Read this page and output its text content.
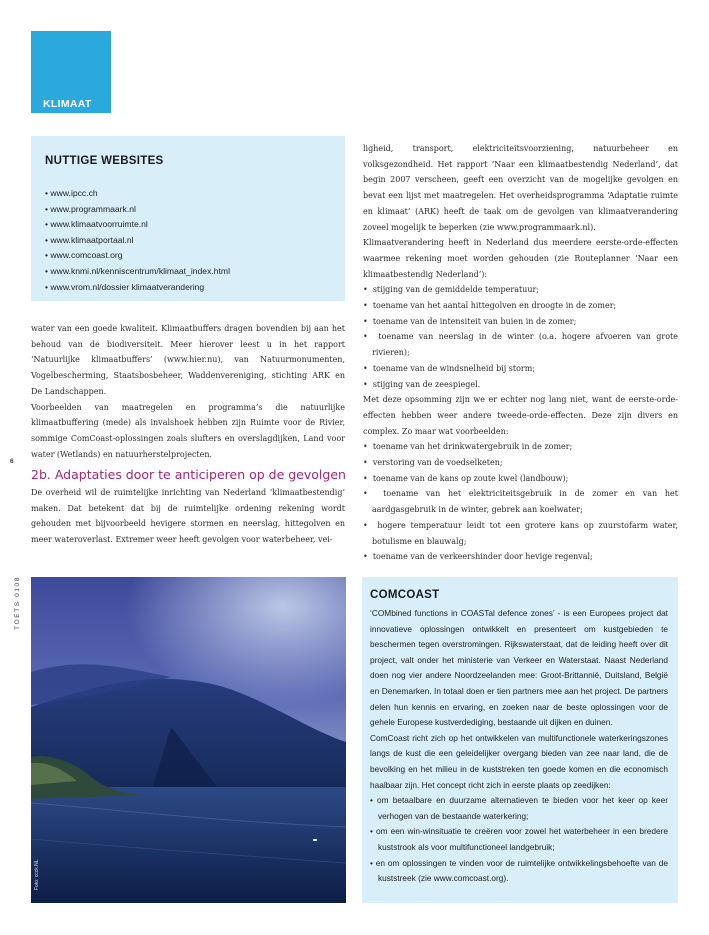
KLIMAAT
NUTTIGE WEBSITES
• www.ipcc.ch
• www.programmaark.nl
• www.klimaatvoorruimte.nl
• www.klimaatportaal.nl
• www.comcoast.org
• www.knmi.nl/kenniscentrum/klimaat_index.html
• www.vrom.nl/dossier klimaatverandering

water van een goede kwaliteit. Klimaatbuffers dragen bovendien bij aan het behoud van de biodiversiteit. Meer hierover leest u in het rapport ‘Natuurlijke klimaatbuffers’ (www.hier.nu), van Natuurmonumenten, Vogelbescherming, Staatsbosbeheer, Waddenvereniging, stichting ARK en De Landschappen.

Voorbeelden van maatregelen en programma’s die natuurlijke klimaatbuffering (mede) als invalshoek hebben zijn Ruimte voor de Rivier, sommige ComCoast-oplossingen zoals slufters en overslagdijken, Land voor water (Wetlands) en natuurherstelprojecten.

6
2b. Adaptaties door te anticiperen op de gevolgen

De overheid wil de ruimtelijke inrichting van Nederland ‘klimaatbestendig’ maken. Dat betekent dat bij de ruimtelijke ordening rekening wordt gehouden met bijvoorbeeld hevigere stormen en neerslag, hittegolven en meer wateroverlast. Extremer weer heeft gevolgen voor waterbeheer, vei-

ligheid, transport, elektriciteitsvoorziening, natuurbeheer en volksgezondheid. Het rapport ‘Naar een klimaatbestendig Nederland’, dat begin 2007 verscheen, geeft een overzicht van de mogelijke gevolgen en bevat een lijst met maatregelen. Het overheidsprogramma ‘Adaptatie ruimte en klimaat’ (ARK) heeft de taak om de gevolgen van klimaatverandering zoveel mogelijk te beperken (zie www.programmaark.nl).

Klimaatverandering heeft in Nederland dus meerdere eerste-orde-effecten waarmee rekening moet worden gehouden (zie Routeplanner ‘Naar een klimaatbestendig Nederland’):

•  stijging van de gemiddelde temperatuur;
•  toename van het aantal hittegolven en droogte in de zomer;
•  toename van de intensiteit van buien in de zomer;
•  toename van neerslag in de winter (o.a. hogere afvoeren van grote rivieren);
•  toename van de windsnelheid bij storm;
•  stijging van de zeespiegel.

Met deze opsomming zijn we er echter nog lang niet, want de eerste-orde-effecten hebben weer andere tweede-orde-effecten. Deze zijn divers en complex. Zo maar wat voorbeelden:

•  toename van het drinkwatergebruik in de zomer;
•  verstoring van de voedselketen;
•  toename van de kans op zoute kwel (landbouw);
•  toename van het elektriciteitsgebruik in de zomer en van het aardgasgebruik in de winter, gebrek aan koelwater;
•  hogere temperatuur leidt tot een grotere kans op zuurstofarm water, botulisme en blauwalg;
•  toename van de verkeershinder door hevige regenval;
TOETS 0108
Foto: ccck.NL
COMCOAST

‘COMbined functions in COASTal defence zones’ - is een Europees project dat innovatieve oplossingen ontwikkelt en presenteert om kustgebieden te beschermen tegen overstromingen. Rijkswaterstaat, dat de leiding heeft over dit project, valt onder het ministerie van Verkeer en Waterstaat. Naast Nederland doen nog vier andere Noordzeelanden mee: Groot-Brittannië, Duitsland, België en Denemarken. In totaal doen er tien partners mee aan het project. De partners delen hun kennis en ervaring, en zoeken naar de beste oplossingen voor de gehele Europese kustverdediging, bestaande uit dijken en duinen.

ComCoast richt zich op het ontwikkelen van multifunctionele waterkeringszones langs de kust die een geleidelijker overgang bieden van zee naar land, die de bevolking en het milieu in de kuststreken ten goede komen en die economisch haalbaar zijn. Het concept richt zich in eerste plaats op zeedijken:

• om betaalbare en duurzame alternatieven te bieden voor het keer op keer verhogen van de bestaande waterkering;
• om een win-winsituatie te creëren voor zowel het waterbeheer in een bredere kuststrook als voor multifunctioneel landgebruik;
• en om oplossingen te vinden voor de ruimtelijke ontwikkelingsbehoefte van de kuststreek (zie www.comcoast.org).
